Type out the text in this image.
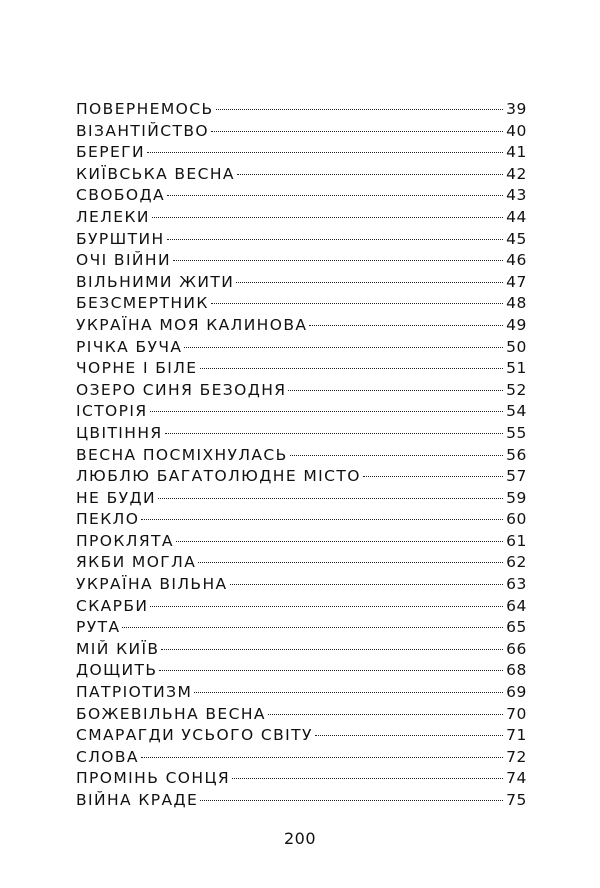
ПОВЕРНЕМОСЬ	39
ВІЗАНТІЙСТВО	40
БЕРЕГИ	41
КИЇВСЬКА ВЕСНА	42
СВОБОДА	43
ЛЕЛЕКИ	44
БУРШТИН	45
ОЧІ ВІЙНИ	46
ВІЛЬНИМИ ЖИТИ	47
БЕЗСМЕРТНИК	48
УКРАЇНА МОЯ КАЛИНОВА	49
РІЧКА БУЧА	50
ЧОРНЕ І БІЛЕ	51
ОЗЕРО СИНЯ БЕЗОДНЯ	52
ІСТОРІЯ	54
ЦВІТІННЯ	55
ВЕСНА ПОСМІХНУЛАСЬ	56
ЛЮБЛЮ БАГАТОЛЮДНЕ МІСТО	57
НЕ БУДИ	59
ПЕКЛО	60
ПРОКЛЯТА	61
ЯКБИ МОГЛА	62
УКРАЇНА ВІЛЬНА	63
СКАРБИ	64
РУТА	65
МІЙ КИЇВ	66
ДОЩИТЬ	68
ПАТРІОТИЗМ	69
БОЖЕВІЛЬНА ВЕСНА	70
СМАРАГДИ УСЬОГО СВІТУ	71
СЛОВА	72
ПРОМІНЬ СОНЦЯ	74
ВІЙНА КРАДЕ	75
200
